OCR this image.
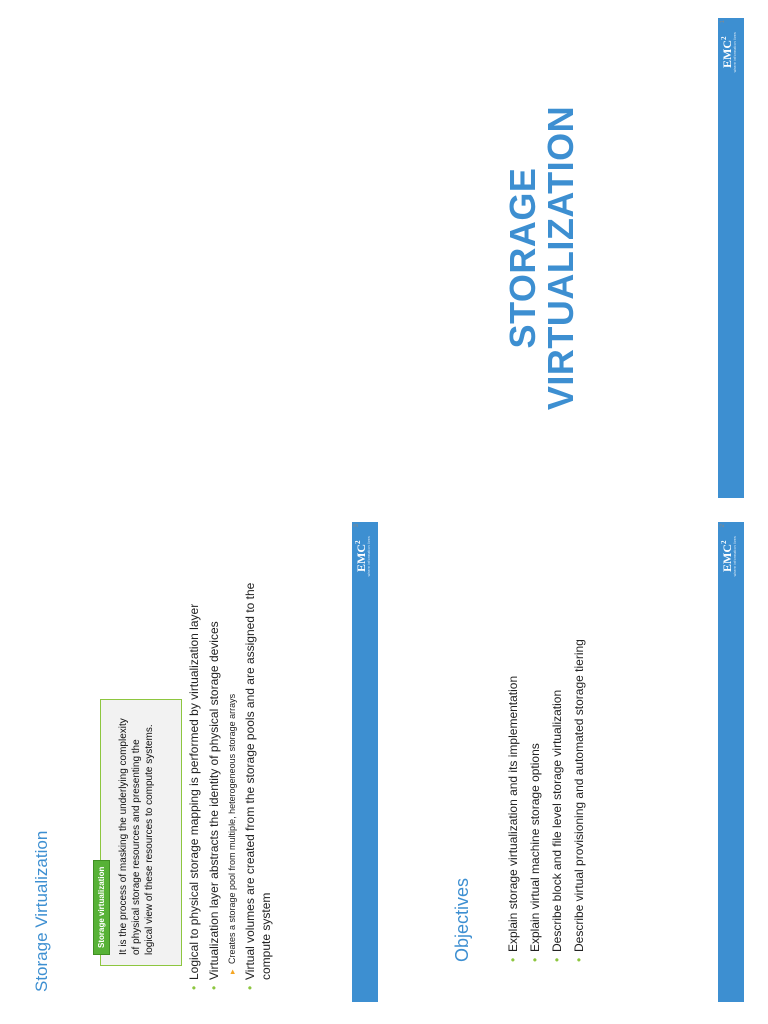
STORAGE
VIRTUALIZATION
EMC$^2$ where information lives
1
Objectives	•
Explain storage virtualization and its implementation
•
Explain virtual machine storage options
•
Describe block and file level storage virtualization
•
Describe virtual provisioning and automated storage tiering
EMC$^2$ where information lives
2
Storage Virtualization	Storage virtualization	It is the process of masking the underlying complexity of physical storage resources and presenting the logical view of these resources to compute systems.
•
Logical to physical storage mapping is performed by virtualization layer
•
Virtualization layer abstracts the identity of physical storage devices ▸
Creates a storage pool from multiple, heterogeneous storage arrays
•
Virtual volumes are created from the storage pools and are assigned to the compute system
EMC$^2$ where information lives
3
